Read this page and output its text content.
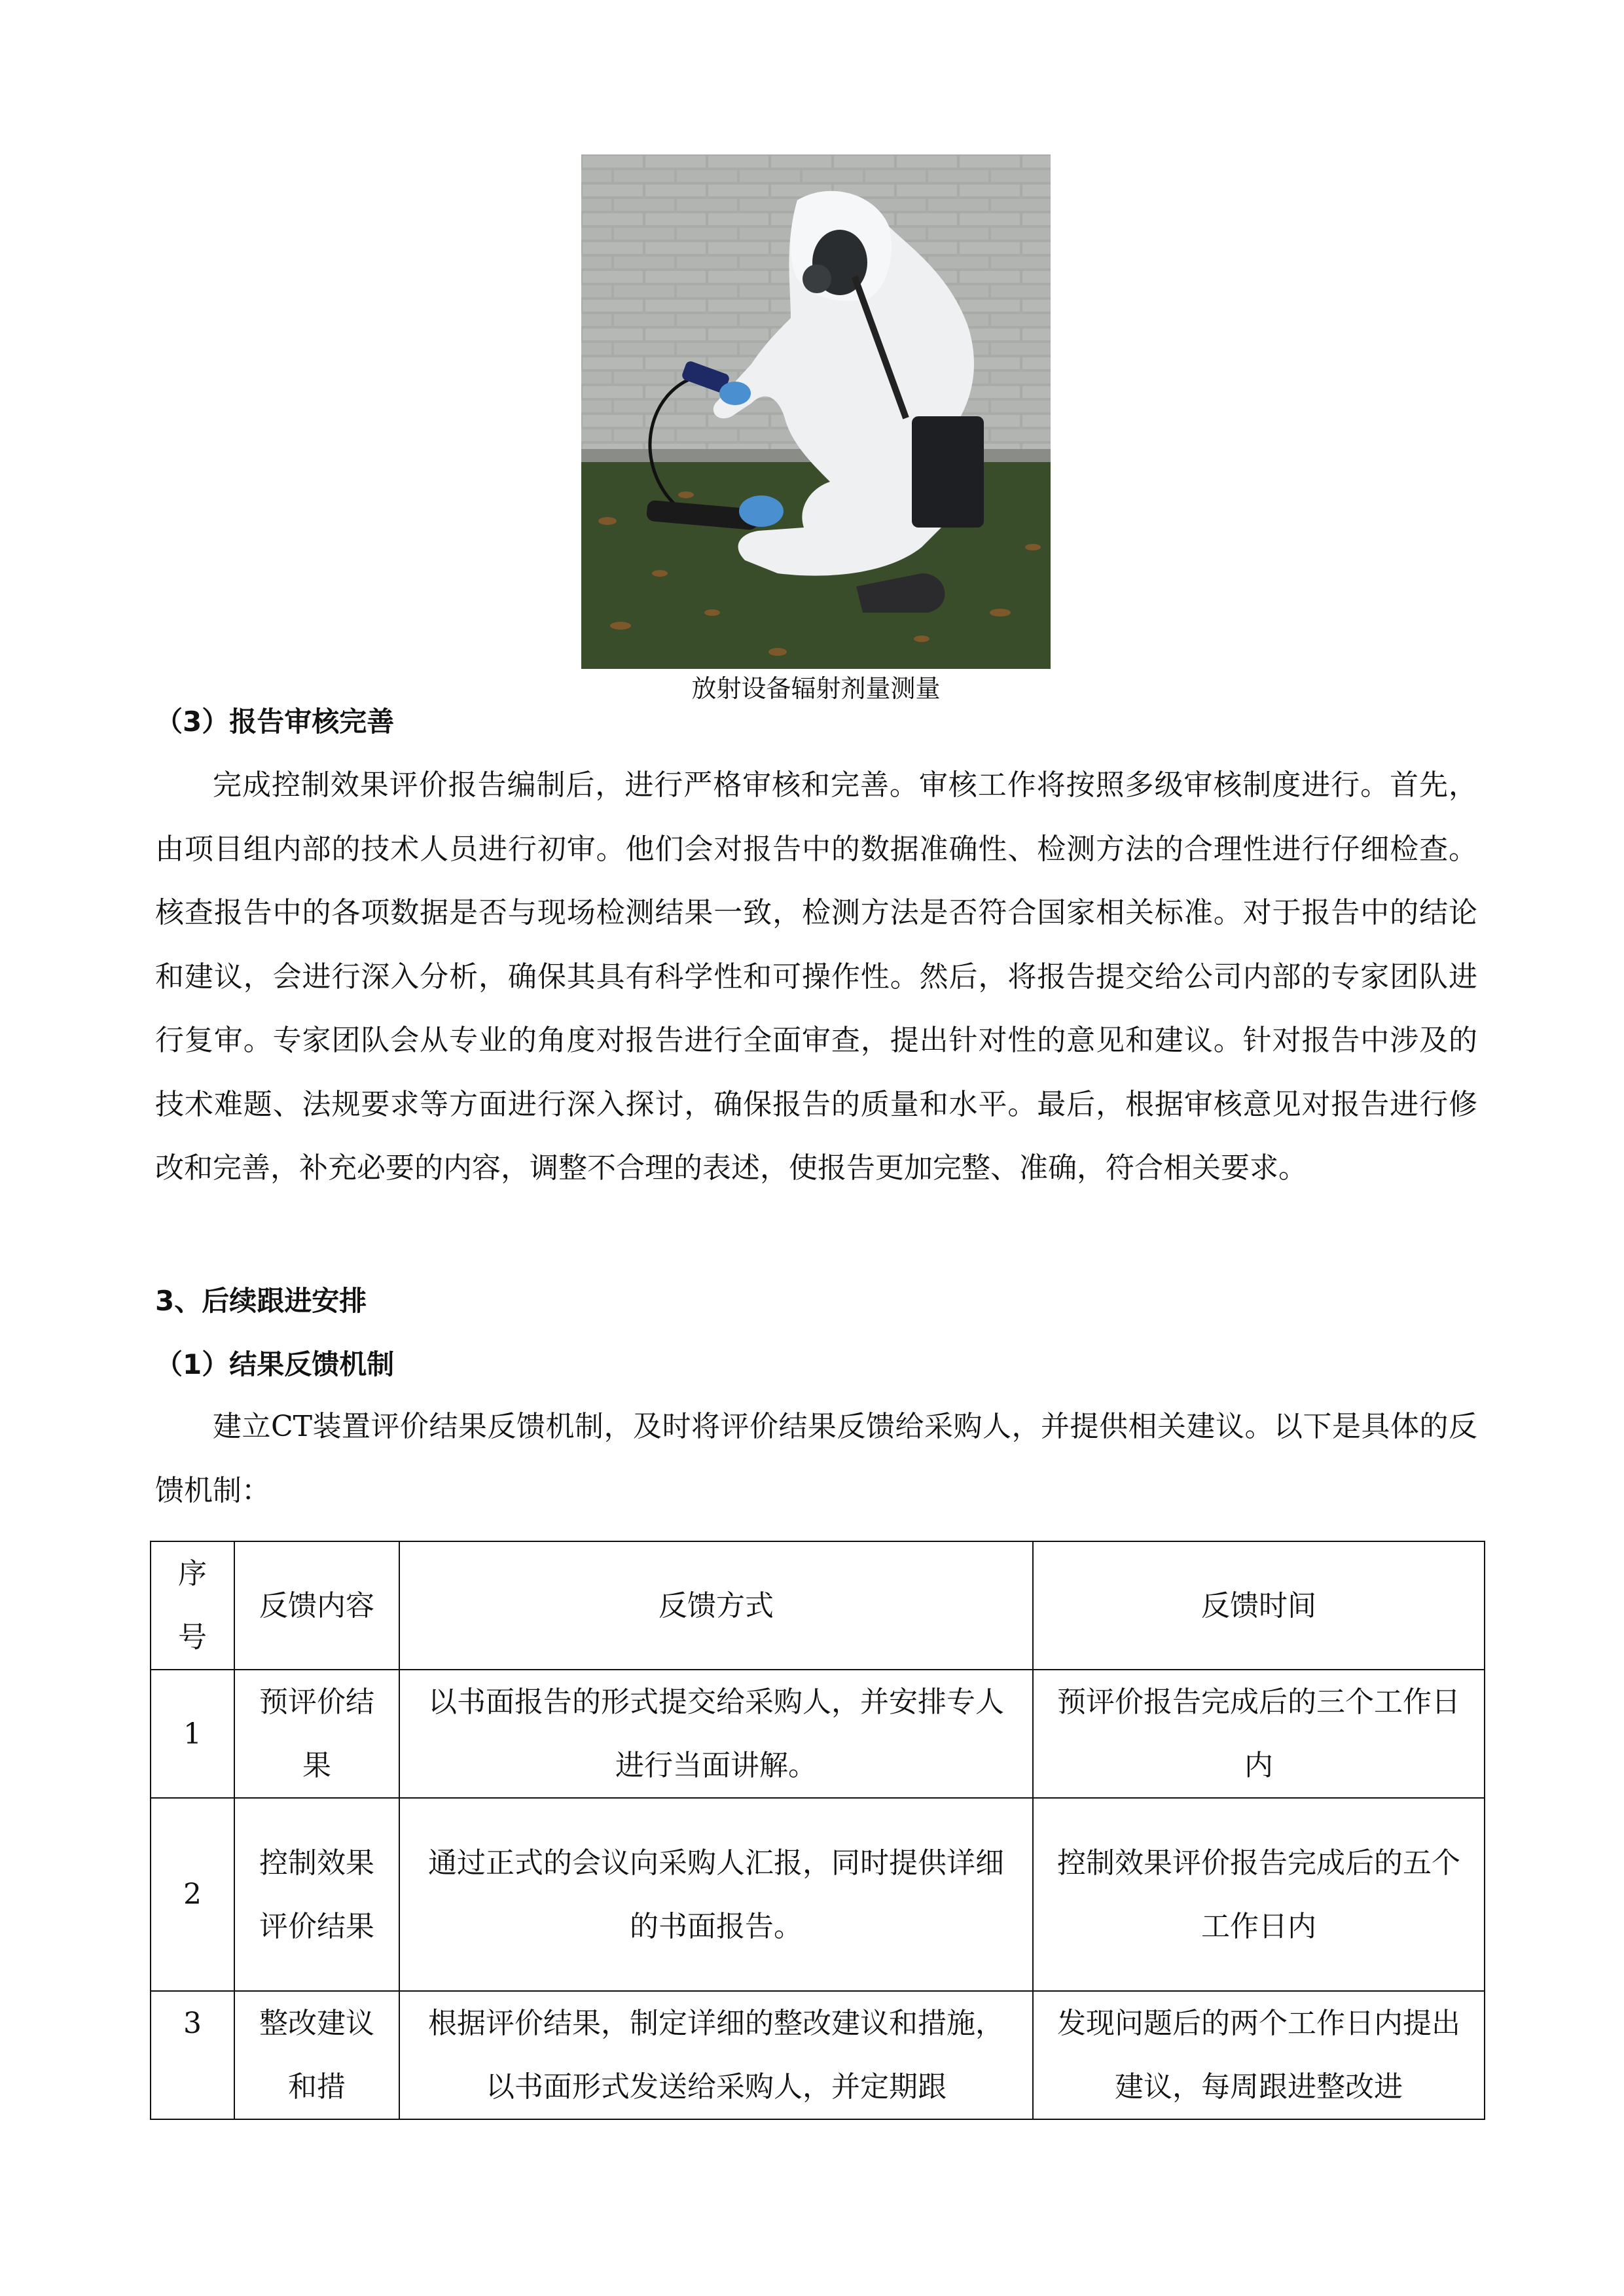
放射设备辐射剂量测量
（3）报告审核完善

完成控制效果评价报告编制后，进行严格审核和完善。审核工作将按照多级审核制度进行。首先，由项目组内部的技术人员进行初审。他们会对报告中的数据准确性、检测方法的合理性进行仔细检查。核查报告中的各项数据是否与现场检测结果一致，检测方法是否符合国家相关标准。对于报告中的结论和建议，会进行深入分析，确保其具有科学性和可操作性。然后，将报告提交给公司内部的专家团队进行复审。专家团队会从专业的角度对报告进行全面审查，提出针对性的意见和建议。针对报告中涉及的技术难题、法规要求等方面进行深入探讨，确保报告的质量和水平。最后，根据审核意见对报告进行修改和完善，补充必要的内容，调整不合理的表述，使报告更加完整、准确，符合相关要求。

3、后续跟进安排
（1）结果反馈机制

建立CT装置评价结果反馈机制，及时将评价结果反馈给采购人，并提供相关建议。以下是具体的反馈机制：

序号	反馈内容	反馈方式	反馈时间
1	预评价结果	以书面报告的形式提交给采购人，并安排专人进行当面讲解。	预评价报告完成后的三个工作日内
2	控制效果评价结果	通过正式的会议向采购人汇报，同时提供详细的书面报告。	控制效果评价报告完成后的五个工作日内
3	整改建议和措	根据评价结果，制定详细的整改建议和措施，以书面形式发送给采购人，并定期跟	发现问题后的两个工作日内提出建议，每周跟进整改进
